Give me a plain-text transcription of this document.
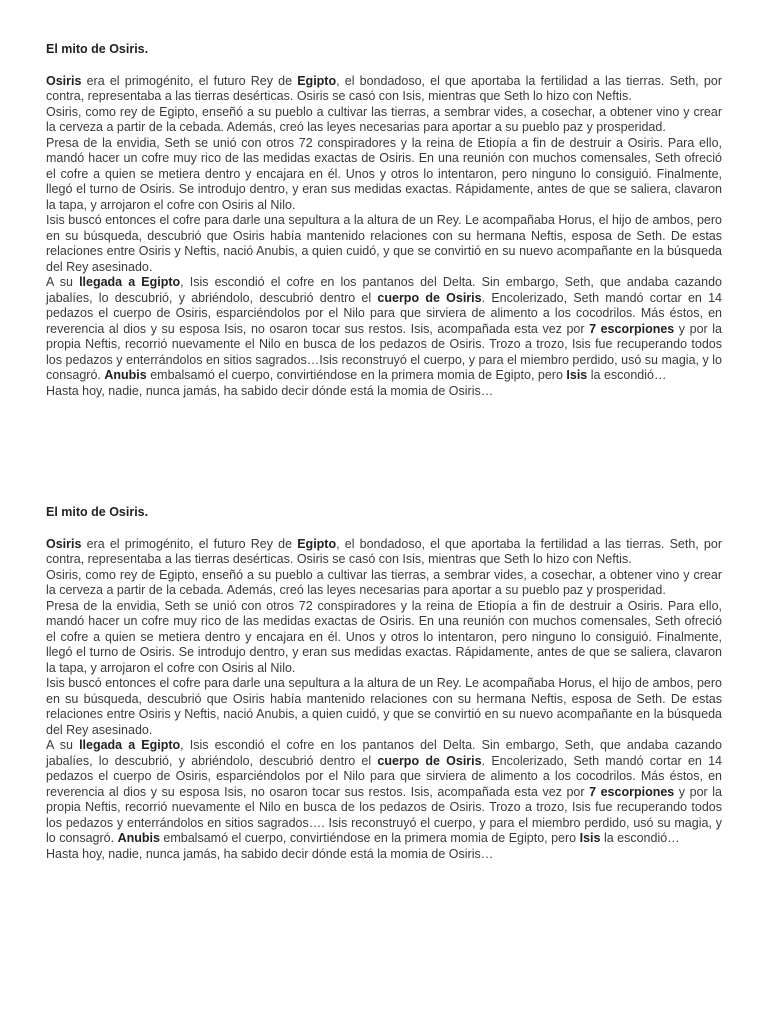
El mito de Osiris.

Osiris era el primogénito, el futuro Rey de Egipto, el bondadoso, el que aportaba la fertilidad a las tierras. Seth, por contra, representaba a las tierras desérticas. Osiris se casó con Isis, mientras que Seth lo hizo con Neftis.

Osiris, como rey de Egipto, enseñó a su pueblo a cultivar las tierras, a sembrar vides, a cosechar, a obtener vino y crear la cerveza a partir de la cebada. Además, creó las leyes necesarias para aportar a su pueblo paz y prosperidad.

Presa de la envidia, Seth se unió con otros 72 conspiradores y la reina de Etiopía a fin de destruir a Osiris. Para ello, mandó hacer un cofre muy rico de las medidas exactas de Osiris. En una reunión con muchos comensales, Seth ofreció el cofre a quien se metiera dentro y encajara en él. Unos y otros lo intentaron, pero ninguno lo consiguió. Finalmente, llegó el turno de Osiris. Se introdujo dentro, y eran sus medidas exactas. Rápidamente, antes de que se saliera, clavaron la tapa, y arrojaron el cofre con Osiris al Nilo.

Isis buscó entonces el cofre para darle una sepultura a la altura de un Rey. Le acompañaba Horus, el hijo de ambos, pero en su búsqueda, descubrió que Osiris había mantenido relaciones con su hermana Neftis, esposa de Seth. De estas relaciones entre Osiris y Neftis, nació Anubis, a quien cuidó, y que se convirtió en su nuevo acompañante en la búsqueda del Rey asesinado.

A su llegada a Egipto, Isis escondió el cofre en los pantanos del Delta. Sin embargo, Seth, que andaba cazando jabalíes, lo descubrió, y abriéndolo, descubrió dentro el cuerpo de Osiris. Encolerizado, Seth mandó cortar en 14 pedazos el cuerpo de Osiris, esparciéndolos por el Nilo para que sirviera de alimento a los cocodrilos. Más éstos, en reverencia al dios y su esposa Isis, no osaron tocar sus restos. Isis, acompañada esta vez por 7 escorpiones y por la propia Neftis, recorrió nuevamente el Nilo en busca de los pedazos de Osiris. Trozo a trozo, Isis fue recuperando todos los pedazos y enterrándolos en sitios sagrados…Isis reconstruyó el cuerpo, y para el miembro perdido, usó su magia, y lo consagró. Anubis embalsamó el cuerpo, convirtiéndose en la primera momia de Egipto, pero Isis la escondió…

Hasta hoy, nadie, nunca jamás, ha sabido decir dónde está la momia de Osiris…

El mito de Osiris.

Osiris era el primogénito, el futuro Rey de Egipto, el bondadoso, el que aportaba la fertilidad a las tierras. Seth, por contra, representaba a las tierras desérticas. Osiris se casó con Isis, mientras que Seth lo hizo con Neftis.

Osiris, como rey de Egipto, enseñó a su pueblo a cultivar las tierras, a sembrar vides, a cosechar, a obtener vino y crear la cerveza a partir de la cebada. Además, creó las leyes necesarias para aportar a su pueblo paz y prosperidad.

Presa de la envidia, Seth se unió con otros 72 conspiradores y la reina de Etiopía a fin de destruir a Osiris. Para ello, mandó hacer un cofre muy rico de las medidas exactas de Osiris. En una reunión con muchos comensales, Seth ofreció el cofre a quien se metiera dentro y encajara en él. Unos y otros lo intentaron, pero ninguno lo consiguió. Finalmente, llegó el turno de Osiris. Se introdujo dentro, y eran sus medidas exactas. Rápidamente, antes de que se saliera, clavaron la tapa, y arrojaron el cofre con Osiris al Nilo.

Isis buscó entonces el cofre para darle una sepultura a la altura de un Rey. Le acompañaba Horus, el hijo de ambos, pero en su búsqueda, descubrió que Osiris había mantenido relaciones con su hermana Neftis, esposa de Seth. De estas relaciones entre Osiris y Neftis, nació Anubis, a quien cuidó, y que se convirtió en su nuevo acompañante en la búsqueda del Rey asesinado.

A su llegada a Egipto, Isis escondió el cofre en los pantanos del Delta. Sin embargo, Seth, que andaba cazando jabalíes, lo descubrió, y abriéndolo, descubrió dentro el cuerpo de Osiris. Encolerizado, Seth mandó cortar en 14 pedazos el cuerpo de Osiris, esparciéndolos por el Nilo para que sirviera de alimento a los cocodrilos. Más éstos, en reverencia al dios y su esposa Isis, no osaron tocar sus restos. Isis, acompañada esta vez por 7 escorpiones y por la propia Neftis, recorrió nuevamente el Nilo en busca de los pedazos de Osiris. Trozo a trozo, Isis fue recuperando todos los pedazos y enterrándolos en sitios sagrados…. Isis reconstruyó el cuerpo, y para el miembro perdido, usó su magia, y lo consagró. Anubis embalsamó el cuerpo, convirtiéndose en la primera momia de Egipto, pero Isis la escondió…

Hasta hoy, nadie, nunca jamás, ha sabido decir dónde está la momia de Osiris…
